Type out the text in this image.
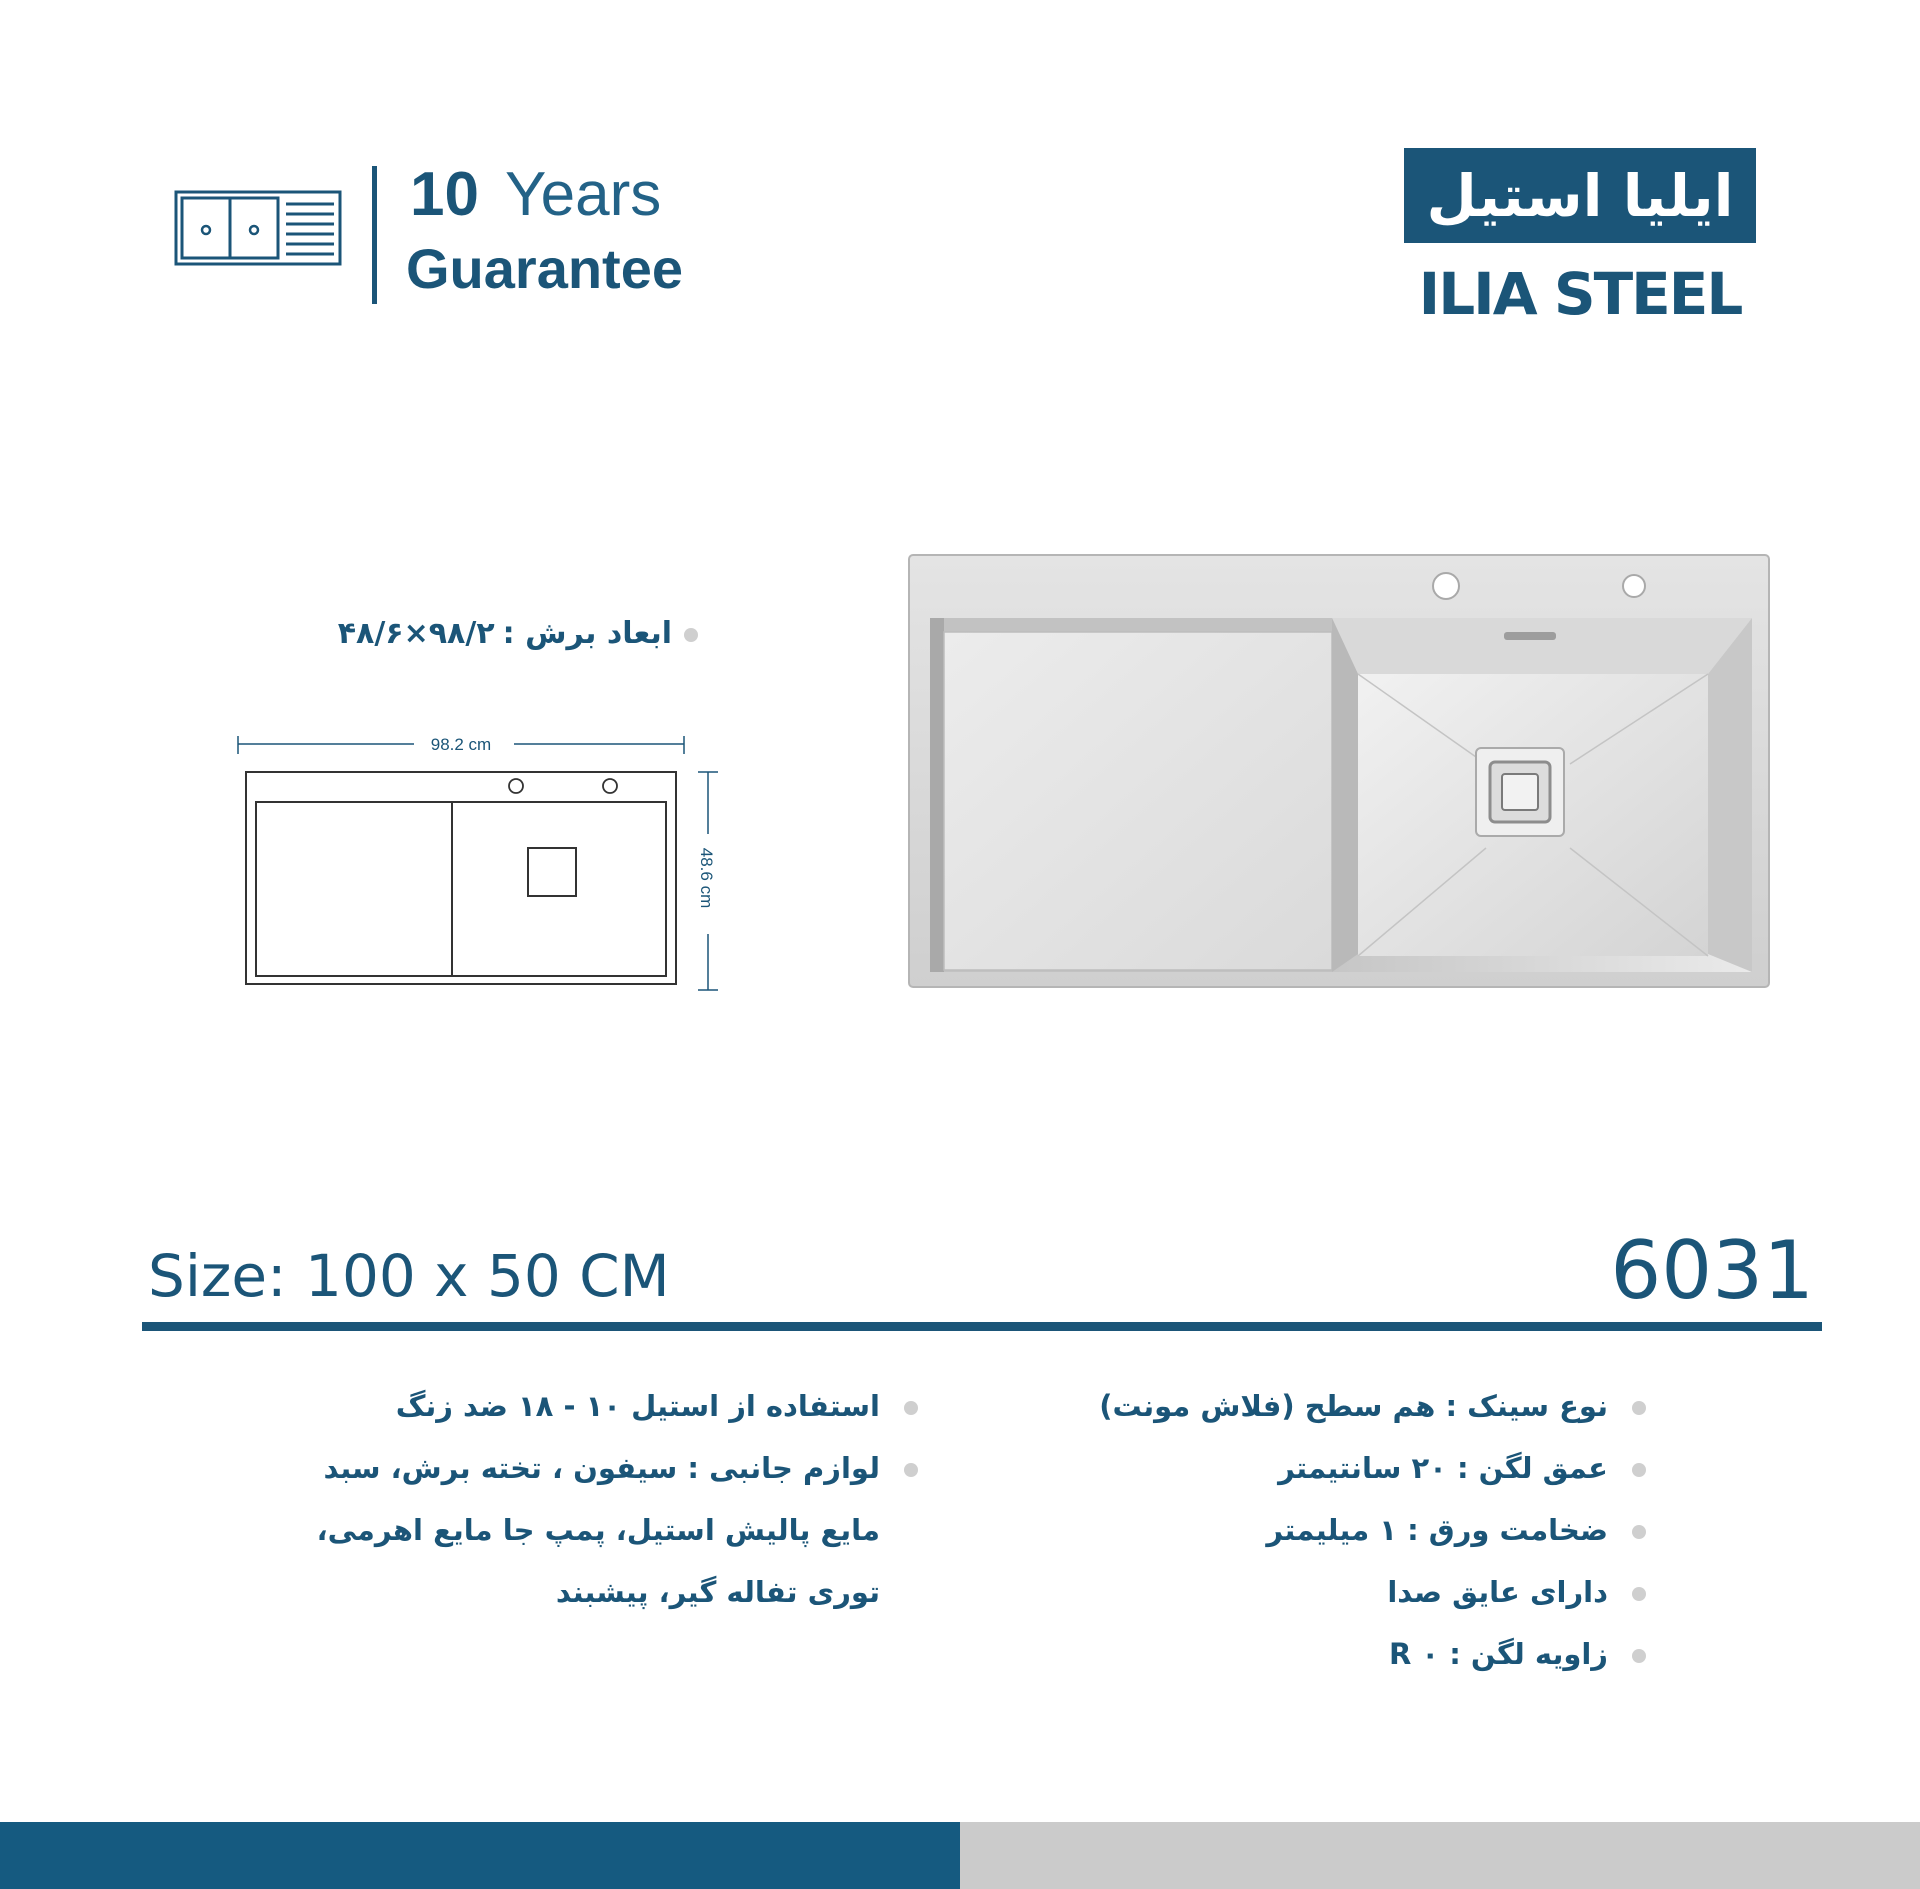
10 Years
Guarantee
ایلیا استیل
ILIA STEEL
ابعاد برش :۹۸/۲×۴۸/۶
98.2 cm
48.6 cm
Size: 100 x 50 CM	6031
نوع سینک : هم سطح (فلاش مونت)
عمق لگن : ۲۰ سانتیمتر
ضخامت ورق : ۱ میلیمتر
دارای عایق صدا
زاویه لگن : R ۰
استفاده از استیل ۱۰ - ۱۸ ضد زنگ
لوازم جانبی : سیفون ، تخته برش، سبد
مایع پالیش استیل، پمپ جا مایع اهرمی،
توری تفاله گیر، پیشبند
